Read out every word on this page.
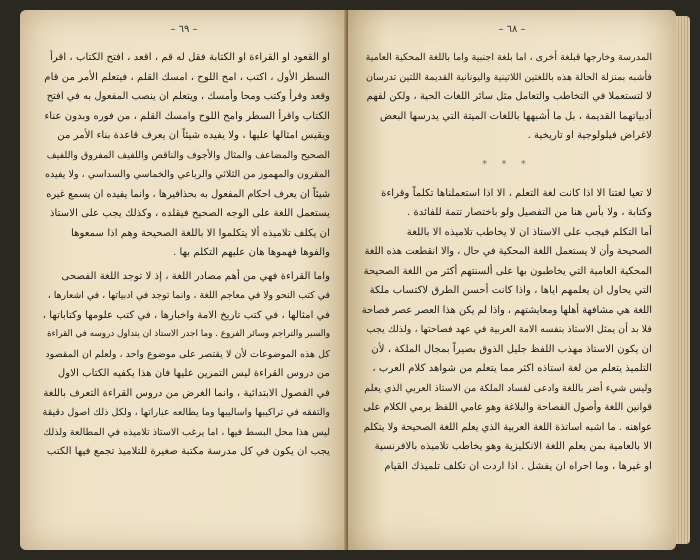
– ٦٩ –
او القعود او القراءة او الكتابة فقل له قم ، اقعد ، افتح الكتاب ، اقرأ
السطر الأول ، اكتب ، امح اللوح ، امسك القلم ، فيتعلم الأمر من قام
وقعد وقرأ وكتب ومحا وأمسك ، ويتعلم ان ينصب المفعول به في افتح
الكتاب واقرأ السطر وامح اللوح وامسك القلم ، من فوره وبدون عناء
ويقيس امثالها عليها ، ولا يفيده شيئاً ان يعرف قاعدة بناء الأمر من
الصحيح والمضاعف والمثال والأجوف والناقص واللفيف المفروق واللفيف
المقرون والمهموز من الثلاثي والرباعي والخماسي والسداسي ، ولا يفيده
شيئاً ان يعرف احكام المفعول به بحذافيرها ، وانما يفيده ان يسمع غيره
يستعمل اللغة على الوجه الصحيح فيقلده ، وكذلك يجب على الاستاذ
ان يكلف تلاميذه ألا يتكلموا الا باللغة الصحيحة وهم اذا سمعوها
والفوها فهموها هان عليهم التكلم بها .
واما القراءة فهي من أهم مصادر اللغة ، إذ لا توجد اللغة الفصحى
في كتب النحو ولا في معاجم اللغة ، وانما توجد في ادبياتها ، في اشعارها ،
في امثالها ، في كتب تاريخ الامة واخبارها ، في كتب علومها وكتاباتها ،
والسير والتراجم وسائر الفروع . وما اجدر الاستاذ ان يتداول دروسه في القراءة
كل هذه الموضوعات لأن لا يقتصر على موضوع واحد ، ولعلم ان المقصود
من دروس القراءة ليس التمرين عليها فان هذا يكفيه الكتاب الاول
في الفصول الابتدائية ، وانما الغرض من دروس القراءة التعرف باللغة
والتفقه في تراكيبها واساليبها وما يطالعه عباراتها ، ولكل ذلك اصول دقيقة
ليس هذا محل البسط فيها ، اما يرغب الاستاذ تلاميذه في المطالعة ولذلك
يجب ان يكون في كل مدرسة مكتبة صغيرة للتلاميذ تجمع فيها الكتب
– ٦٨ –
المدرسة وخارجها قبلغة أخرى ، اما بلغة اجنبية واما باللغة المحكية العامية
فأشبه بمنزلة الحالة هذه باللغتين اللاتينية واليونانية القديمة اللتين تدرسان
لا لتستعملا في التخاطب والتعامل مثل سائر اللغات الحية ، ولكن لفهم
أدبياتهما القديمة ، بل ما أشبهها باللغات الميتة التي يدرسها البعض
لاغراض فيلولوجية او تاريخية .
* * *
لا تعيا لغتنا الا اذا كانت لغة التعلم ، الا اذا استعملناها تكلماً وقراءة
وكتابة ، ولا بأس هنا من التفصيل ولو باختصار تتمة للفائدة .
أما التكلم فيجب على الاستاذ ان لا يخاطب تلاميذه الا باللغة
الصحيحة وأن لا يستعمل اللغة المحكية في حال ، والا انقطعت هذه اللغة
المحكية العامية التي يخاطبون بها على ألسنتهم أكثر من اللغة الصحيحة
التي يحاول ان يعلمهم اياها ، واذا كانت أحسن الطرق لاكتساب ملكة
اللغة هي مشافهة أهلها ومعايشتهم ، واذا لم يكن هذا العصر عصر فصاحة
فلا بد أن يمثل الاستاذ بنفسه الامة العربية في عهد فصاحتها ، ولذلك يجب
ان يكون الاستاذ مهذب اللفظ جليل الذوق بصيراً بمجال الملكة ، لأن
التلميذ يتعلم من لغة استاذه اكثر مما يتعلم من شواهد كلام العرب ،
وليس شيء أضر باللغة وادعى لفساد الملكة من الاستاذ العربي الذي يعلم
قوانين اللغة وأصول الفصاحة والبلاغة وهو عامي اللفظ يرمي الكلام على
عواهنه . ما اشبه اساتذة اللغة العربية الذي يعلم اللغة الصحيحة ولا يتكلم
الا بالعامية بمن يعلم اللغة الانكليزية وهو يخاطب تلاميذه بالافرنسية
او غيرها ، وما احراه ان يفشل . اذا اردت ان تكلف تلميذك القيام
